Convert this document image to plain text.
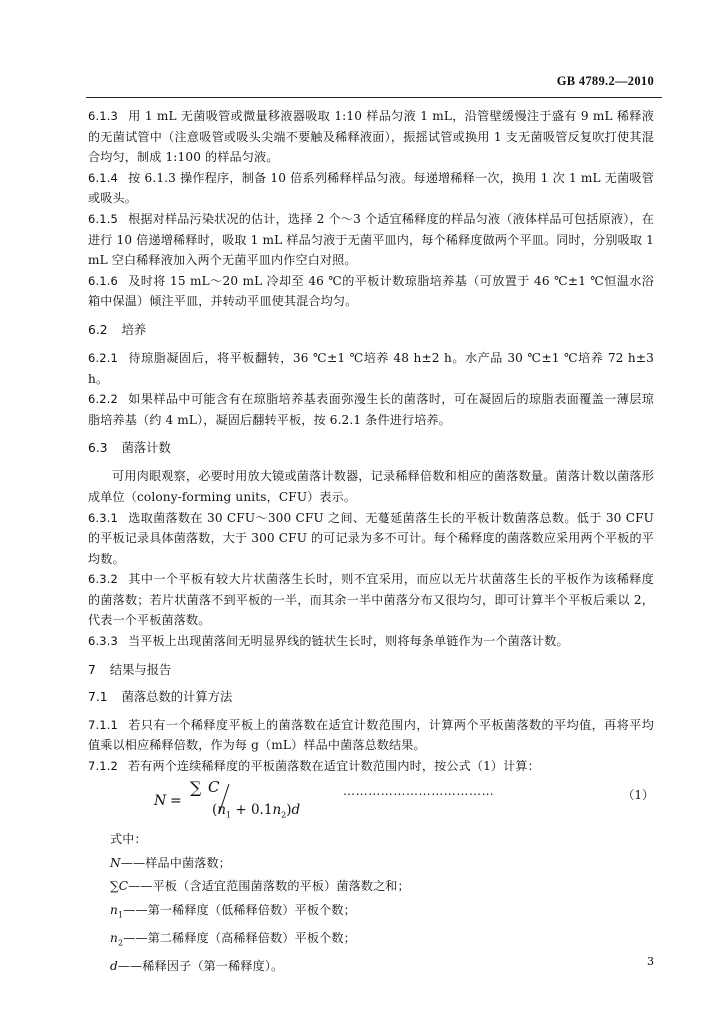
GB 4789.2—2010

6.1.3 用 1 mL 无菌吸管或微量移液器吸取 1:10 样品匀液 1 mL，沿管壁缓慢注于盛有 9 mL 稀释液的无菌试管中（注意吸管或吸头尖端不要触及稀释液面），振摇试管或换用 1 支无菌吸管反复吹打使其混合均匀，制成 1:100 的样品匀液。

6.1.4 按 6.1.3 操作程序，制备 10 倍系列稀释样品匀液。每递增稀释一次，换用 1 次 1 mL 无菌吸管或吸头。

6.1.5 根据对样品污染状况的估计，选择 2 个～3 个适宜稀释度的样品匀液（液体样品可包括原液），在进行 10 倍递增稀释时，吸取 1 mL 样品匀液于无菌平皿内，每个稀释度做两个平皿。同时，分别吸取 1 mL 空白稀释液加入两个无菌平皿内作空白对照。

6.1.6 及时将 15 mL～20 mL 冷却至 46 ℃的平板计数琼脂培养基（可放置于 46 ℃±1 ℃恒温水浴箱中保温）倾注平皿，并转动平皿使其混合均匀。

6.2 培养

6.2.1 待琼脂凝固后，将平板翻转，36 ℃±1 ℃培养 48 h±2 h。水产品 30 ℃±1 ℃培养 72 h±3 h。

6.2.2 如果样品中可能含有在琼脂培养基表面弥漫生长的菌落时，可在凝固后的琼脂表面覆盖一薄层琼脂培养基（约 4 mL），凝固后翻转平板，按 6.2.1 条件进行培养。

6.3 菌落计数

可用肉眼观察，必要时用放大镜或菌落计数器，记录稀释倍数和相应的菌落数量。菌落计数以菌落形成单位（colony-forming units，CFU）表示。

6.3.1 选取菌落数在 30 CFU～300 CFU 之间、无蔓延菌落生长的平板计数菌落总数。低于 30 CFU 的平板记录具体菌落数，大于 300 CFU 的可记录为多不可计。每个稀释度的菌落数应采用两个平板的平均数。

6.3.2 其中一个平板有较大片状菌落生长时，则不宜采用，而应以无片状菌落生长的平板作为该稀释度的菌落数；若片状菌落不到平板的一半，而其余一半中菌落分布又很均匀，即可计算半个平板后乘以 2，代表一个平板菌落数。

6.3.3 当平板上出现菌落间无明显界线的链状生长时，则将每条单链作为一个菌落计数。

7 结果与报告
7.1 菌落总数的计算方法

7.1.1 若只有一个稀释度平板上的菌落数在适宜计数范围内，计算两个平板菌落数的平均值，再将平均值乘以相应稀释倍数，作为每 g（mL）样品中菌落总数结果。

7.1.2 若有两个连续稀释度的平板菌落数在适宜计数范围内时，按公式（1）计算：

N =
∑ C
$(n_1 + 0.1n_2)d$
………………………………	（1）

式中：

N——样品中菌落数；

∑C——平板（含适宜范围菌落数的平板）菌落数之和；

$n_1——$第一稀释度（低稀释倍数）平板个数；

$n_2——$第二稀释度（高稀释倍数）平板个数；

d——稀释因子（第一稀释度）。	3
